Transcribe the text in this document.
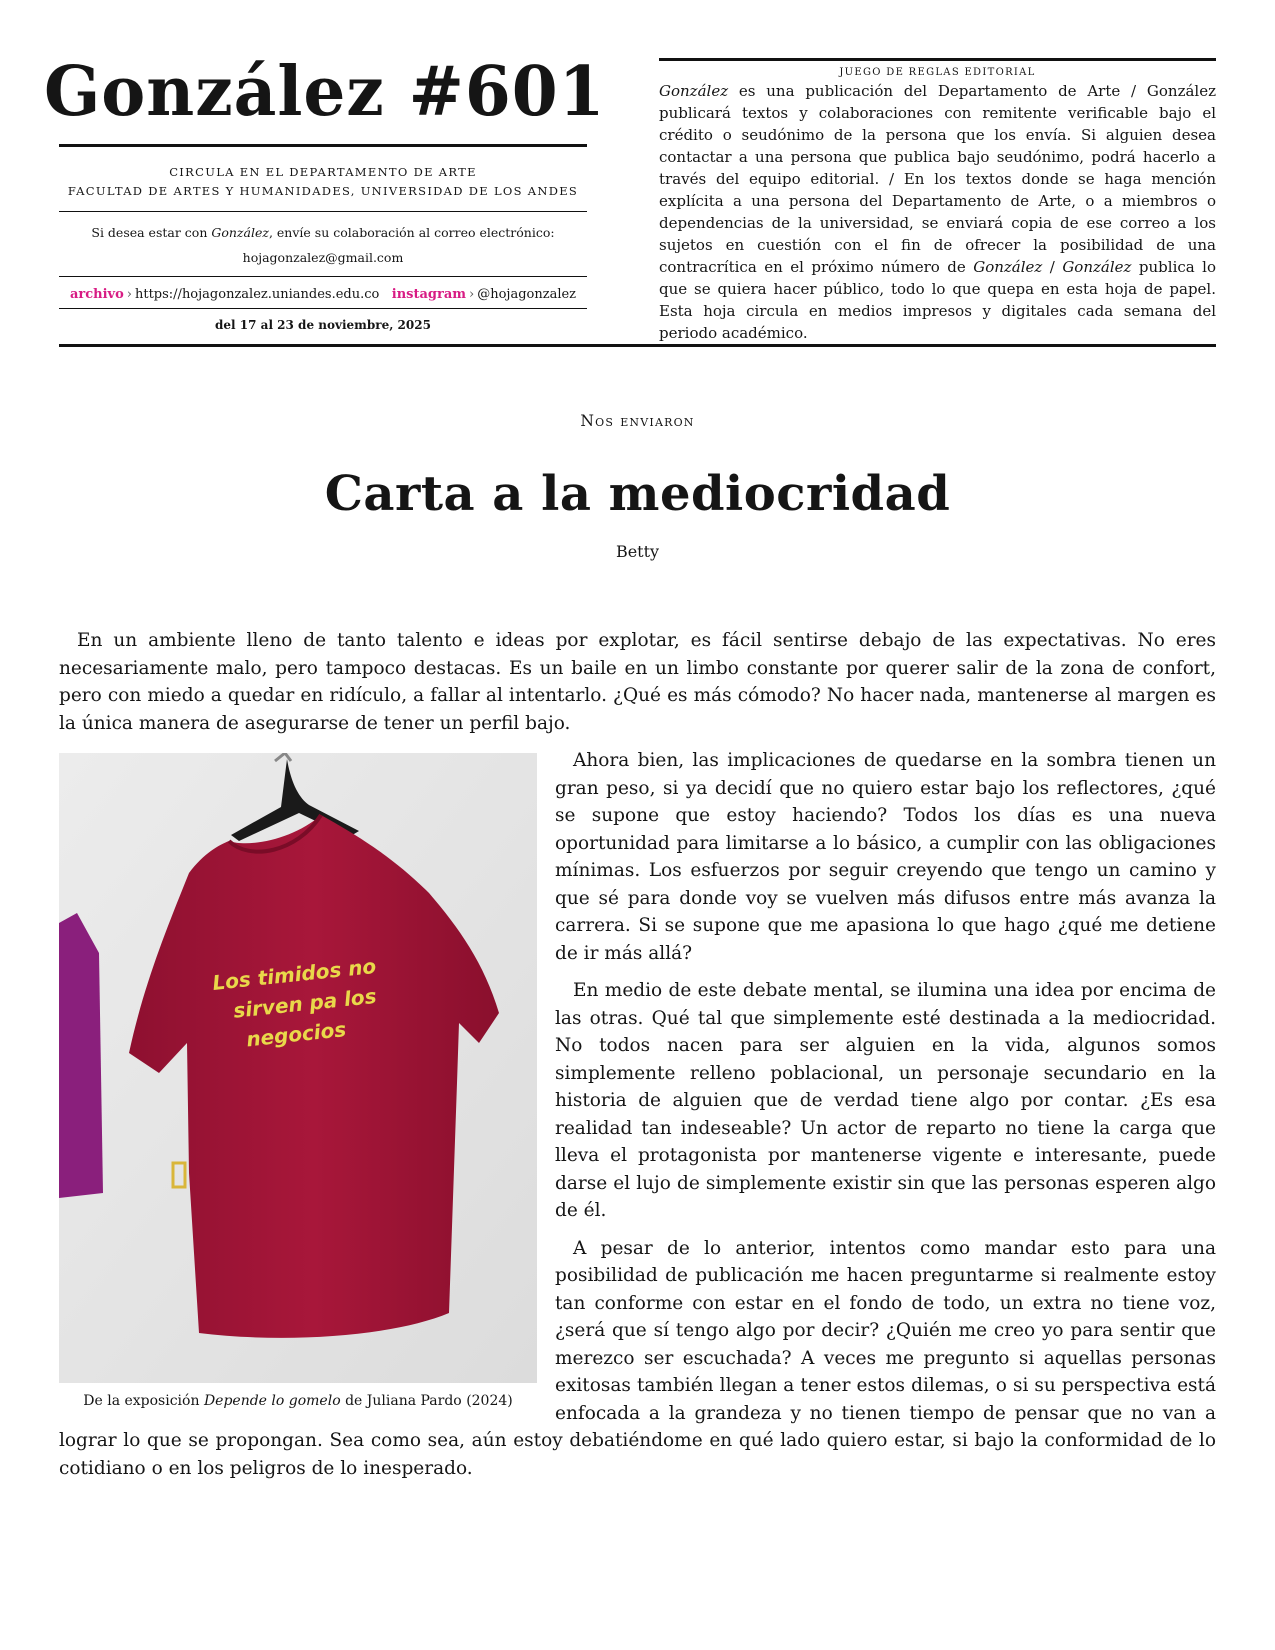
González #601
CIRCULA EN EL DEPARTAMENTO DE ARTE
FACULTAD DE ARTES Y HUMANIDADES, UNIVERSIDAD DE LOS ANDES
Si desea estar con González, envíe su colaboración al correo electrónico:
hojagonzalez@gmail.com
archivo › https://hojagonzalez.uniandes.edu.co instagram › @hojagonzalez
del 17 al 23 de noviembre, 2025
JUEGO DE REGLAS EDITORIAL
González es una publicación del Departamento de Arte / González publicará textos y colaboraciones con remitente verificable bajo el crédito o seudónimo de la persona que los envía. Si alguien desea contactar a una persona que publica bajo seudónimo, podrá hacerlo a través del equipo editorial. / En los textos donde se haga mención explícita a una persona del Departamento de Arte, o a miembros o dependencias de la universidad, se enviará copia de ese correo a los sujetos en cuestión con el fin de ofrecer la posibilidad de una contracrítica en el próximo número de González / González publica lo que se quiera hacer público, todo lo que quepa en esta hoja de papel. Esta hoja circula en medios impresos y digitales cada semana del periodo académico.
Nos enviaron
Carta a la mediocridad
Betty

En un ambiente lleno de tanto talento e ideas por explotar, es fácil sentirse debajo de las expectativas. No eres necesariamente malo, pero tampoco destacas. Es un baile en un limbo constante por querer salir de la zona de confort, pero con miedo a quedar en ridículo, a fallar al intentarlo. ¿Qué es más cómodo? No hacer nada, mantenerse al margen es la única manera de asegurarse de tener un perfil bajo.

Los timidos no
sirven pa los
negocios
De la exposición Depende lo gomelo de Juliana Pardo (2024)

Ahora bien, las implicaciones de quedarse en la sombra tienen un gran peso, si ya decidí que no quiero estar bajo los reflectores, ¿qué se supone que estoy haciendo? Todos los días es una nueva oportunidad para limitarse a lo básico, a cumplir con las obligaciones mínimas. Los esfuerzos por seguir creyendo que tengo un camino y que sé para donde voy se vuelven más difusos entre más avanza la carrera. Si se supone que me apasiona lo que hago ¿qué me detiene de ir más allá?

En medio de este debate mental, se ilumina una idea por encima de las otras. Qué tal que simplemente esté destinada a la mediocridad. No todos nacen para ser alguien en la vida, algunos somos simplemente relleno poblacional, un personaje secundario en la historia de alguien que de verdad tiene algo por contar. ¿Es esa realidad tan indeseable? Un actor de reparto no tiene la carga que lleva el protagonista por mantenerse vigente e interesante, puede darse el lujo de simplemente existir sin que las personas esperen algo de él.

A pesar de lo anterior, intentos como mandar esto para una posibilidad de publicación me hacen preguntarme si realmente estoy tan conforme con estar en el fondo de todo, un extra no tiene voz, ¿será que sí tengo algo por decir? ¿Quién me creo yo para sentir que merezco ser escuchada? A veces me pregunto si aquellas personas exitosas también llegan a tener estos dilemas, o si su perspectiva está enfocada a la grandeza y no tienen tiempo de pensar que no van a lograr lo que se propongan. Sea como sea, aún estoy debatiéndome en qué lado quiero estar, si bajo la conformidad de lo cotidiano o en los peligros de lo inesperado.
